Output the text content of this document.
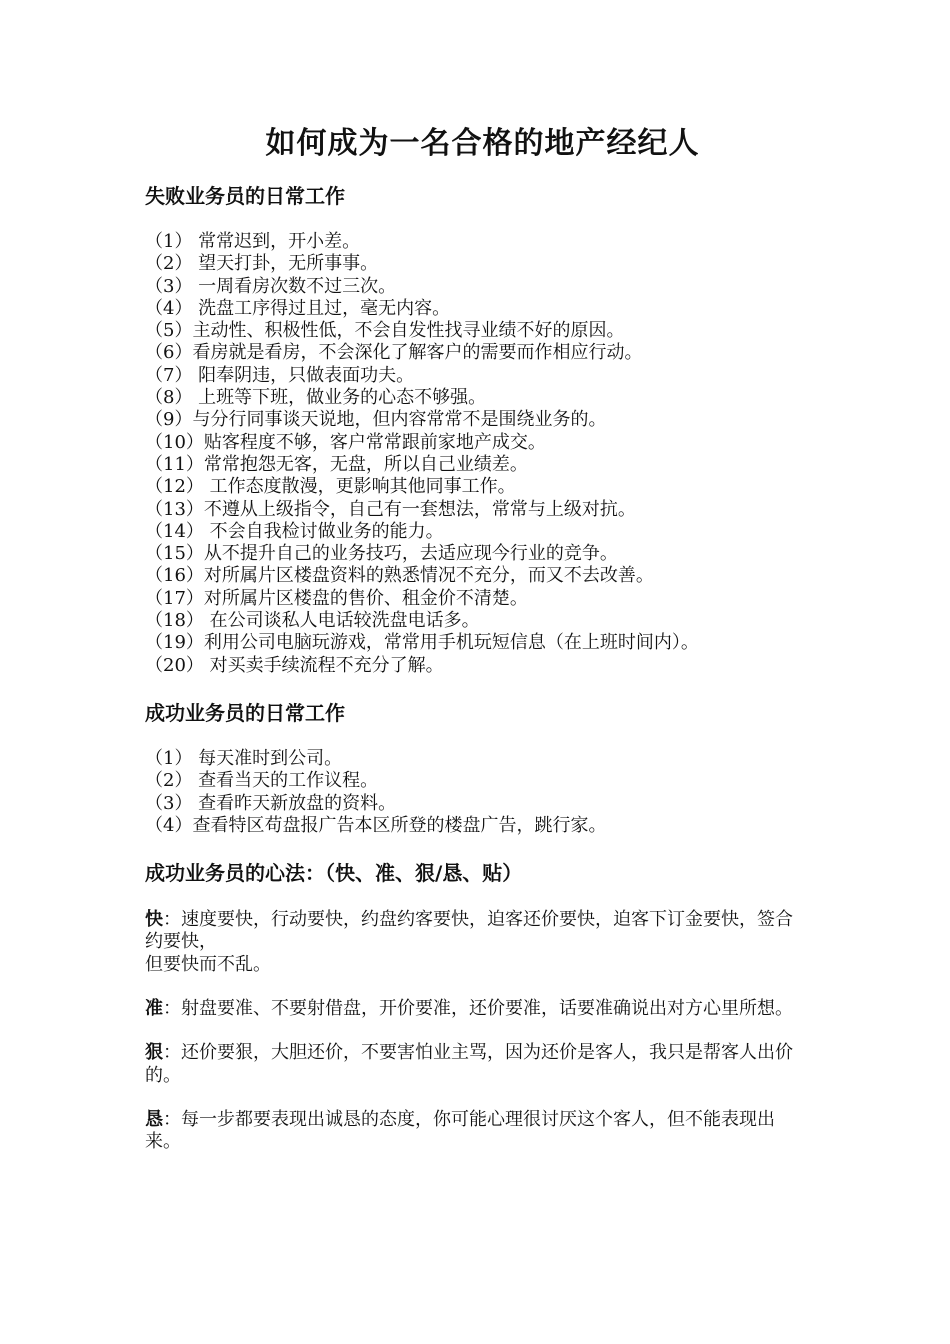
如何成为一名合格的地产经纪人
失败业务员的日常工作
（1） 常常迟到，开小差。
（2） 望天打卦，无所事事。
（3） 一周看房次数不过三次。
（4） 洗盘工序得过且过，毫无内容。
（5）主动性、积极性低，不会自发性找寻业绩不好的原因。
（6）看房就是看房，不会深化了解客户的需要而作相应行动。
（7） 阳奉阴违，只做表面功夫。
（8） 上班等下班，做业务的心态不够强。
（9）与分行同事谈天说地，但内容常常不是围绕业务的。
（10）贴客程度不够，客户常常跟前家地产成交。
（11）常常抱怨无客，无盘，所以自己业绩差。
（12） 工作态度散漫，更影响其他同事工作。
（13）不遵从上级指令，自己有一套想法，常常与上级对抗。
（14） 不会自我检讨做业务的能力。
（15）从不提升自己的业务技巧，去适应现今行业的竞争。
（16）对所属片区楼盘资料的熟悉情况不充分，而又不去改善。
（17）对所属片区楼盘的售价、租金价不清楚。
（18） 在公司谈私人电话较洗盘电话多。
（19）利用公司电脑玩游戏，常常用手机玩短信息（在上班时间内）。
（20） 对买卖手续流程不充分了解。
成功业务员的日常工作
（1） 每天准时到公司。
（2） 查看当天的工作议程。
（3） 查看昨天新放盘的资料。
（4）查看特区苟盘报广告本区所登的楼盘广告，跳行家。
成功业务员的心法：（快、准、狠/恳、贴）

快：速度要快，行动要快，约盘约客要快，迫客还价要快，迫客下订金要快，签合约要快，
但要快而不乱。

准：射盘要准、不要射借盘，开价要准，还价要准，话要准确说出对方心里所想。

狠：还价要狠，大胆还价，不要害怕业主骂，因为还价是客人，我只是帮客人出价的。

恳：每一步都要表现出诚恳的态度，你可能心理很讨厌这个客人，但不能表现出来。
